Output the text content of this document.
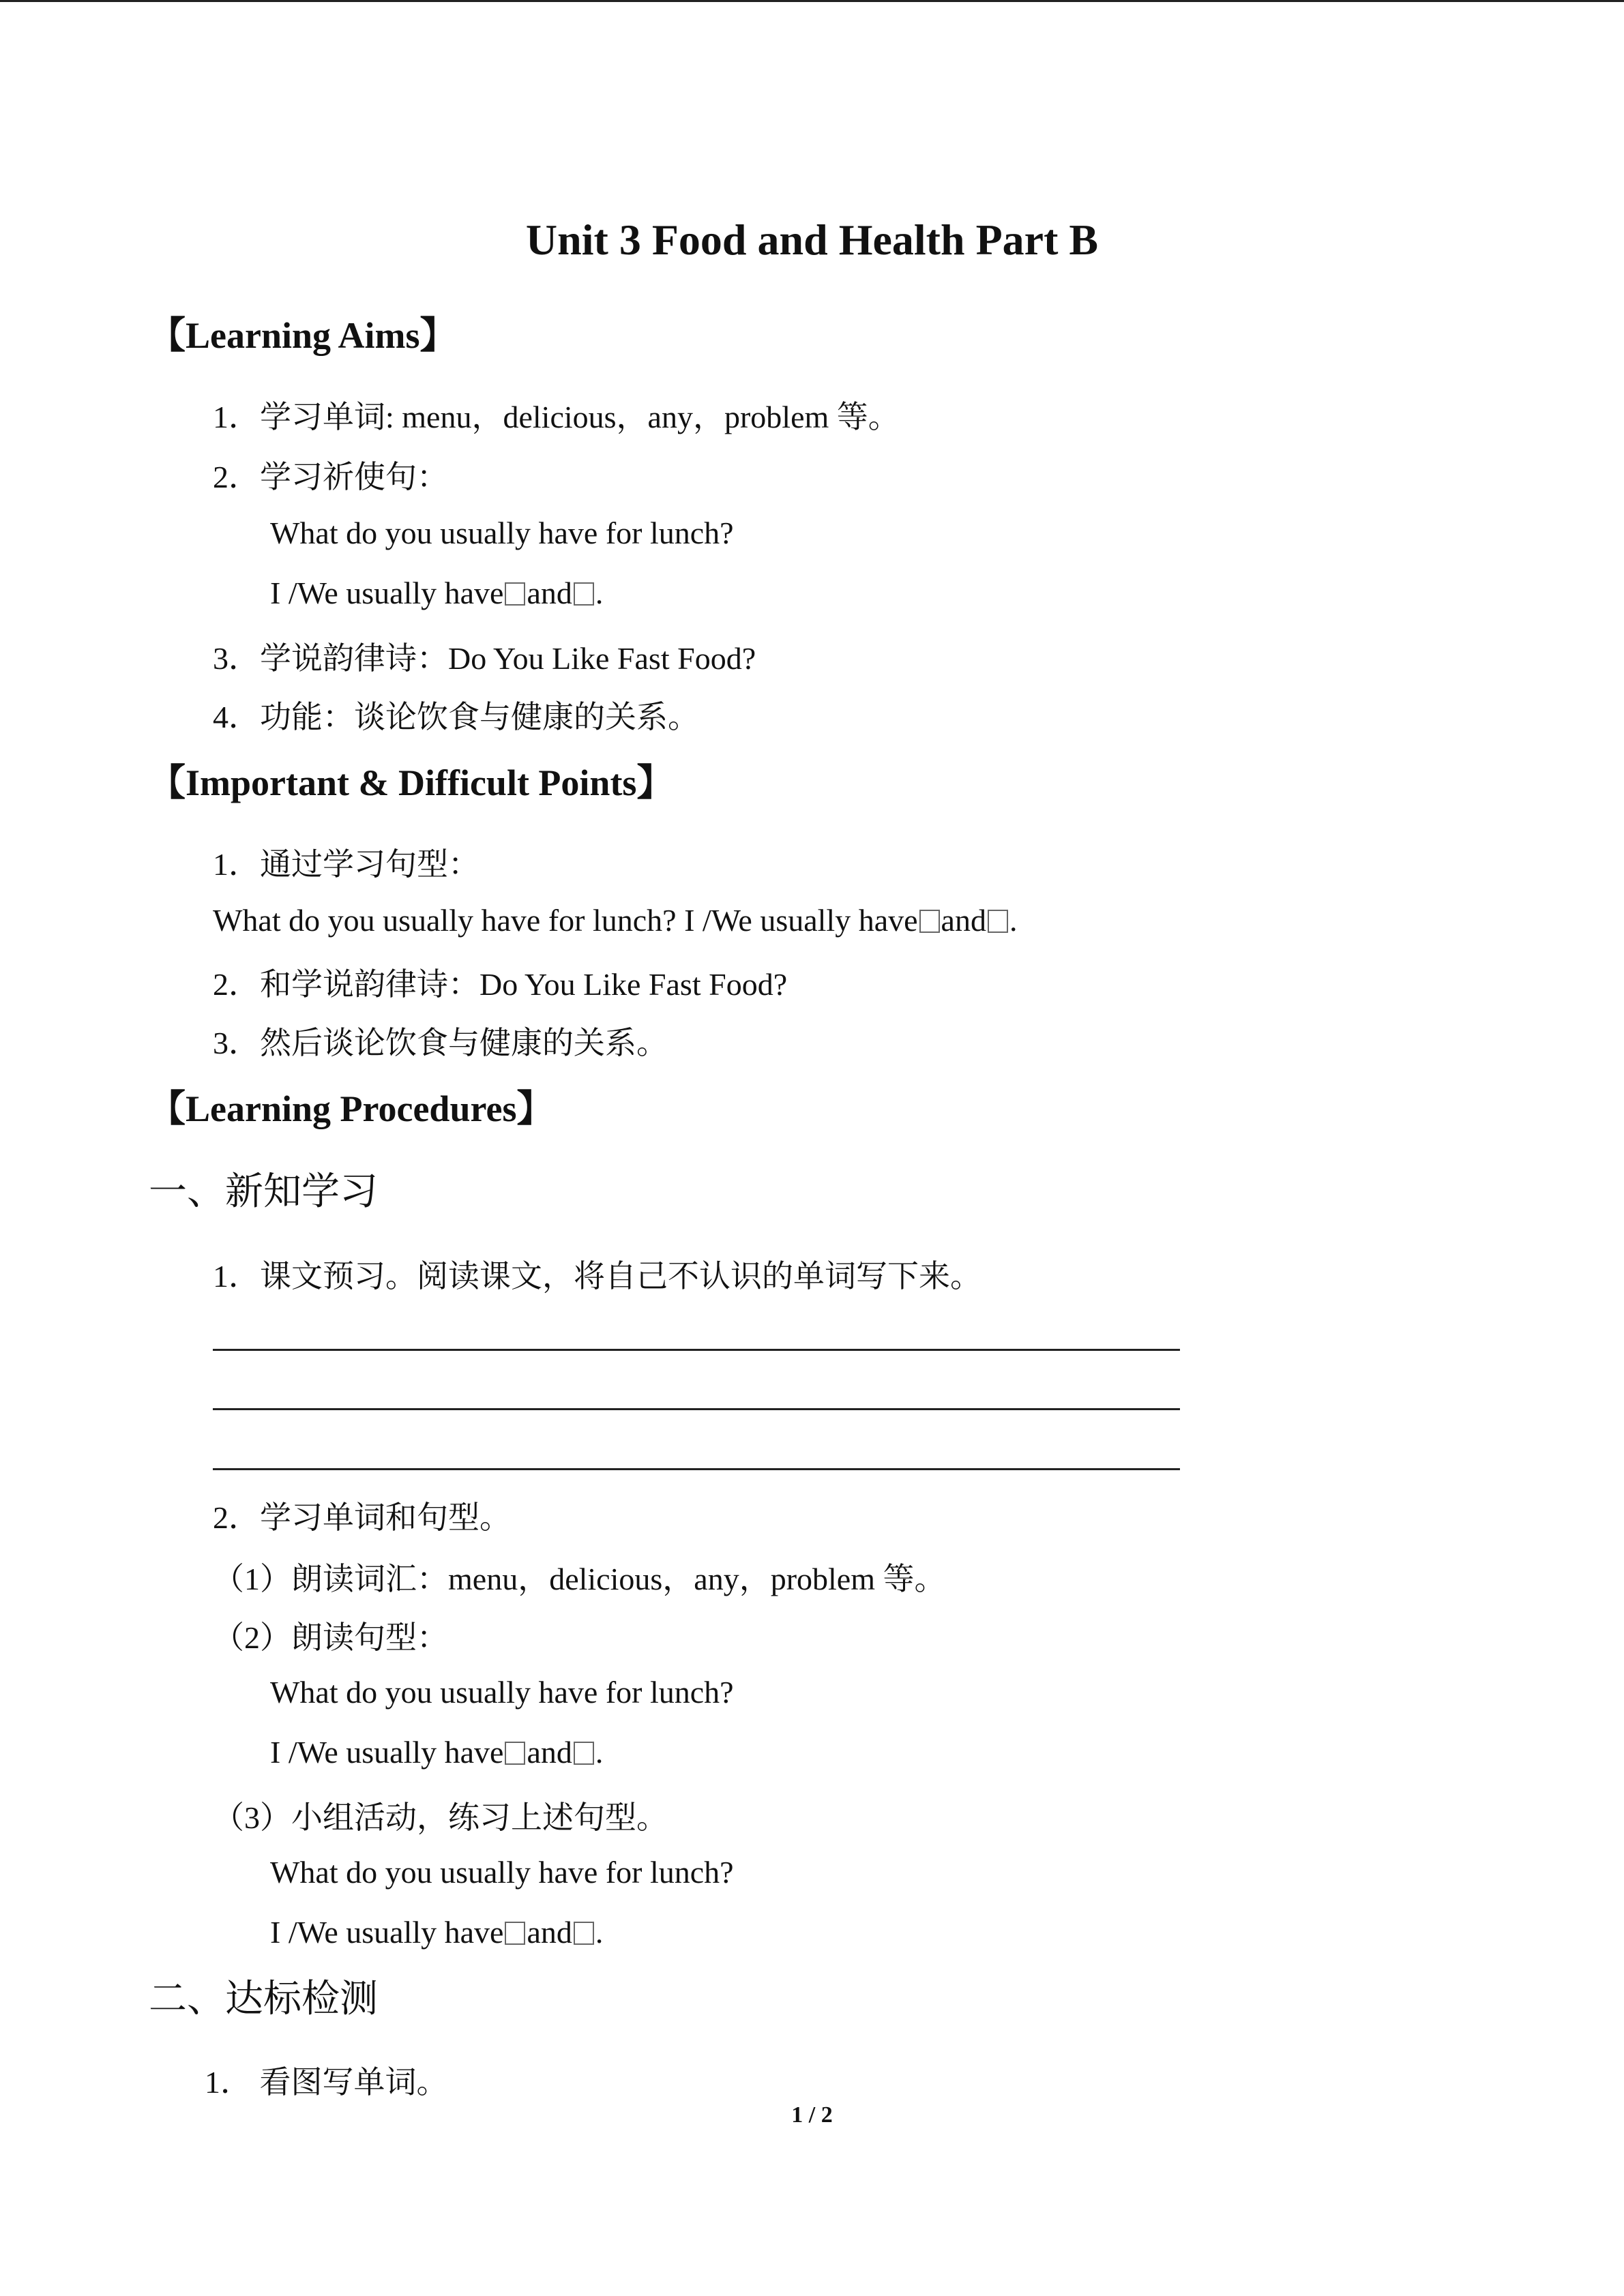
Unit 3 Food and Health Part B
【Learning Aims】
1．学习单词: menu，delicious，any，problem 等。
2．学习祈使句：
What do you usually have for lunch?
I /We usually have and .
3．学说韵律诗：Do You Like Fast Food?
4．功能：谈论饮食与健康的关系。
【Important & Difficult Points】
1．通过学习句型：
What do you usually have for lunch? I /We usually have and .
2．和学说韵律诗：Do You Like Fast Food?
3．然后谈论饮食与健康的关系。
【Learning Procedures】
一、新知学习
1．课文预习。阅读课文，将自己不认识的单词写下来。
2．学习单词和句型。
（1）朗读词汇：menu，delicious，any，problem 等。
（2）朗读句型：
What do you usually have for lunch?
I /We usually have and .
（3）小组活动，练习上述句型。
What do you usually have for lunch?
I /We usually have and .
二、达标检测
1． 看图写单词。
1 / 2
